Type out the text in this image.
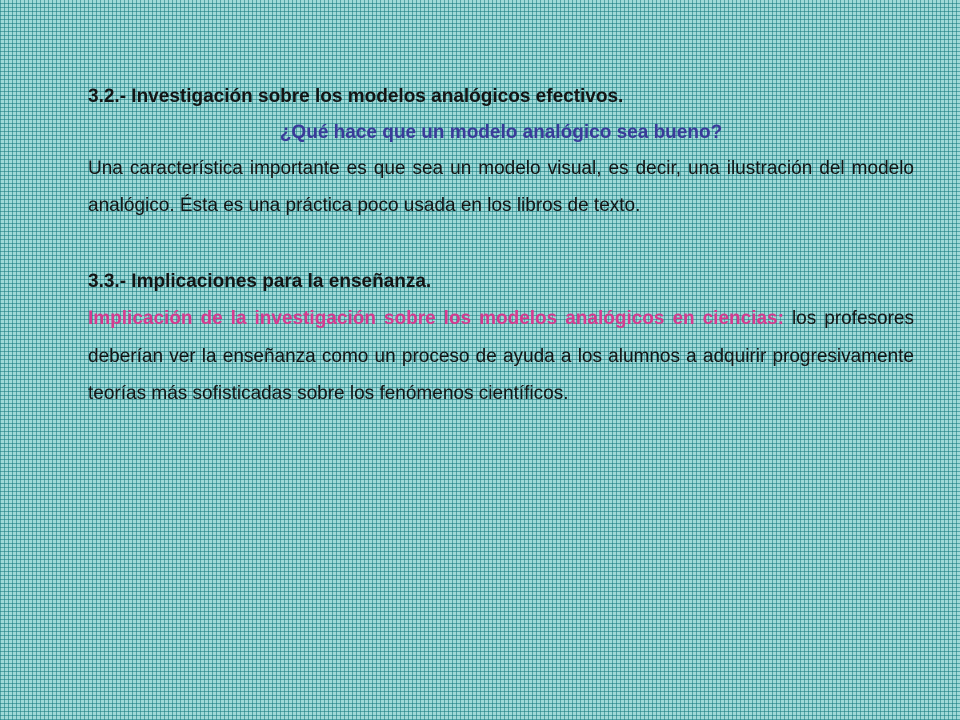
3.2.- Investigación sobre los modelos analógicos efectivos.

¿Qué hace que un modelo analógico sea bueno?

Una característica importante es que sea un modelo visual, es decir, una ilustración del modelo analógico. Ésta es una práctica poco usada en los libros de texto.

3.3.- Implicaciones para la enseñanza.

Implicación de la investigación sobre los modelos analógicos en ciencias: los profesores deberían ver la enseñanza como un proceso de ayuda a los alumnos a adquirir progresivamente teorías más sofisticadas sobre los fenómenos científicos.
